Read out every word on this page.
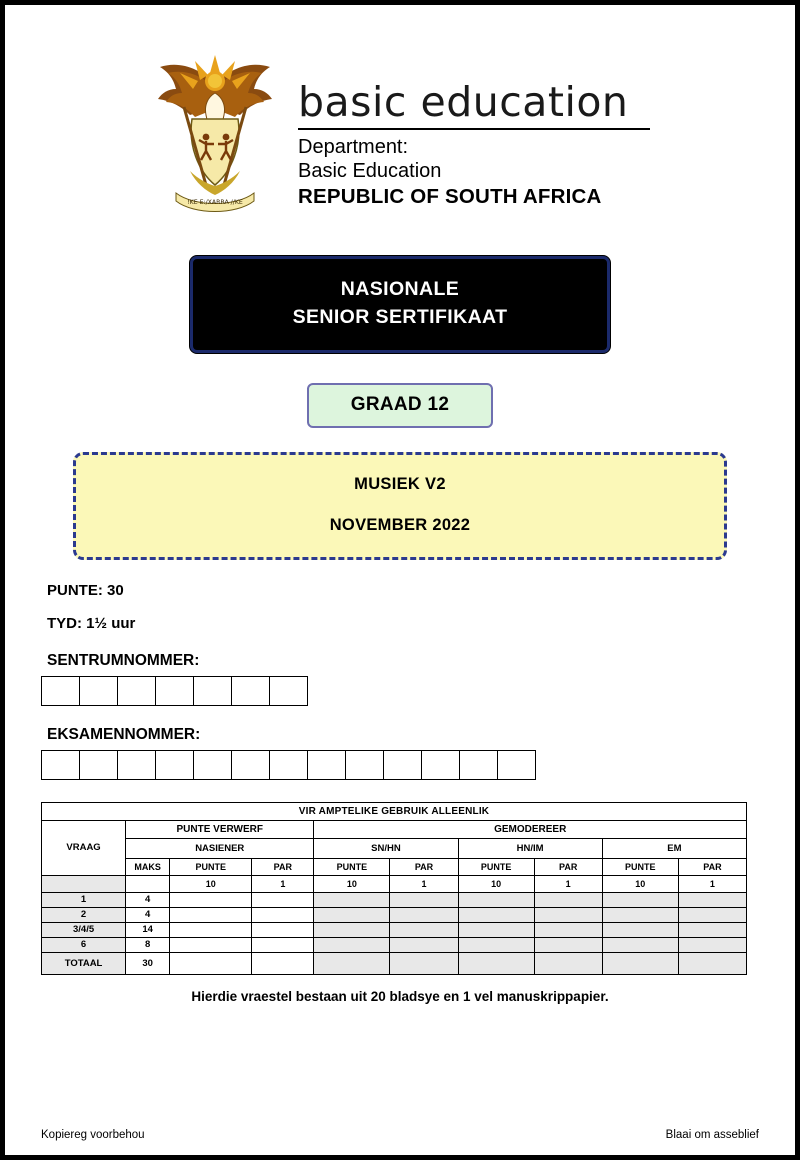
!KE E:/XARRA //KE
basic education
Department:
Basic Education
REPUBLIC OF SOUTH AFRICA
NASIONALE
SENIOR SERTIFIKAAT
GRAAD 12
MUSIEK V2
NOVEMBER 2022
PUNTE: 30
TYD: 1½ uur
SENTRUMNOMMER:
EKSAMENNOMMER:
VIR AMPTELIKE GEBRUIK ALLEENLIK									
VRAAG	PUNTE VERWERF			GEMODEREER					
	NASIENER			SN/HN		HN/IM		EM	
	MAKS	PUNTE	PAR	PUNTE	PAR	PUNTE	PAR	PUNTE	PAR
		10	1	10	1	10	1	10	1
1	4								
2	4								
3/4/5	14								
6	8								
TOTAAL	30								
Hierdie vraestel bestaan uit 20 bladsye en 1 vel manuskrippapier.
Kopiereg voorbehou	Blaai om asseblief
